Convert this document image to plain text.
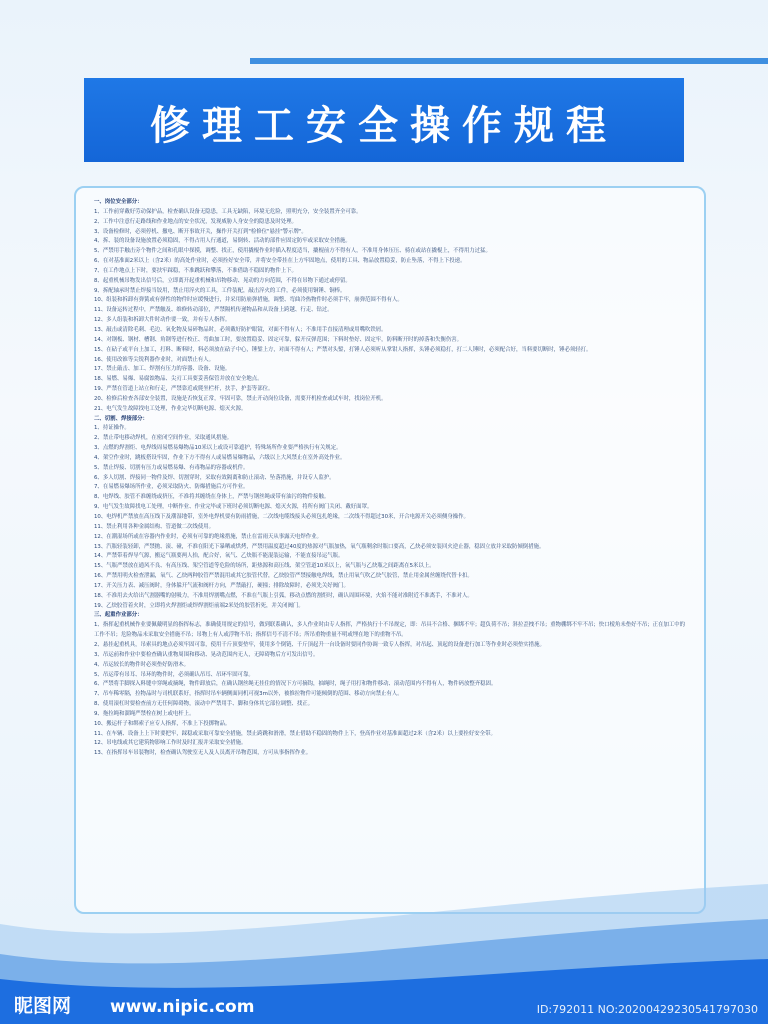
修理工安全操作规程
一、岗位安全部分：
1、工作前穿戴好劳动保护品，检查确认设备无隐患，工具无缺陷，环境无危险，照明充分，安全装置齐全可靠。
2、工作中注意行走路线和作业地点的安全状况，发现威胁人身安全的隐患及时处理。
3、设备检修时，必须停机、撤电、断开事故开关，操作开关打到"检修位"悬挂"警示牌"。
4、拆、装的设备设施放置必须稳固，不得占用人行通道，易倒转、活动的部件应固定防牢或采取安全措施。
5、严禁用手触击旁个物件之间和孔眼中探摸，调整、找正，使用撬棍作业时插入程度适当，撬棍前方不得有人，不准用身体压压、骑在或站在撬棍上，不得用力过猛。
6、在对基准面2米以上（含2米）的高处作业时，必须拴好安全带，并将安全带挂在上方牢固地点，使用的工具、物品放置稳妥，防止坠落，不得上下投递。
7、在工作地点上下时，要扶牢踩稳，不准跳跃和攀落，不准借助不稳固的物件上下。
8、起重机械吊物发出信号后，立即离开起重机械和吊物移动、晃动的方向范围，不得在吊物下通过或停留。
9、拆配轴承时禁止焊接当铰用，禁止用淬火的工具，工件装配，敲击淬火的工件，必须使用铜锤、铜棒。
10、组装和拆卸有弹簧或有弹性的物件时应缓慢进行，并采用防崩弹措施，调整、弯曲冷热物件时必须手牢，崩弹范围不得有人。
11、设备运转过程中，严禁触及、维修转动部位，严禁隔机传递物品和从设备上跨越、行走、钻过。
12、多人组装和拆卸大件时动作要一致，并有专人指挥。
13、敲击或清除毛刺、毛边、氧化物及易碎物品时，必须戴好防护眼镜，对面不得有人；不准用手直接清理或用嘴吹铁屑。
14、对钢板、钢材、槽钢、角钢等进行校正、弯曲加工时，要放置稳妥、固定可靠，躲开反弹范围；下料时垫好、固定牢，防料断开时的掉落和失衡伤害。
15、在砧子或平台上加工，打料、断料时，料必须放在砧子中心，锤錾上方，对面不得有人；严禁对头錾，打锤人必须听从掌钳人指挥，头锤必须稳打，打二人锤时，必须配合好，当料要切断时，锤必须轻打。
16、使用改锥等尖锐利器作业时，对面禁止有人。
17、禁止敲击、加工、焊割有压力的容器、设备、设施。
18、易燃、易爆、易腐蚀物品、尖刃工具要妥善保管并放在安全地点。
19、严禁在管道上站立和行走，严禁靠近或爬坐栏杆，扶手，护套等部位。
20、检修后检查各部安全装置，设施是否恢复正常，牢固可靠，禁止开动岗位设备，需要开机检查或试车时，找岗位开机。
21、电气发生故障找电工处理，作业完毕切断电源、熄灭火源。
二、切割、焊接部分：
1、持证操作。
2、禁止带电移动焊机，在密闭空间作业，采取通风措施。
3、点燃的焊割炬、电焊线周易燃易爆物品10米以上或设可靠遮护，特殊场所作业要严格执行有关规定。
4、架空作业时，跳板搭设牢固，作业下方不得有人或易燃易爆物品，六级以上大风禁止在室外高处作业。
5、禁止焊接、切割有压力或易燃易爆、有毒物品的容器或机件。
6、多人切割、焊接同一物件及焊、切割穿时，采取有效隔离和防止滚动、坠落措施，并设专人监护。
7、在易燃易爆场所作业，必须采取防火、防爆措施后方可作业。
8、电焊线、胶管不准缠绕或挤压，不准将其缠绕在身体上，严禁与钢丝绳或带有油污的物件接触。
9、电气发生故障找电工处理，中断作业、作业完毕或下班时必须切断电源、熄灭火源，将所有阀门关闭、戴好面罩。
10、电焊机严禁放在高压线下及潮湿地带，室外电焊机要有防雨措施，二次线电缆线接头必须包扎绝缘，二次线不得超过30米，开合电源开关必须侧身操作。
11、禁止利用各种金属结构、管道做二次线使用。
12、在潮湿场所或在容器内作业时，必须有可靠的绝缘措施，禁止在雷雨天从事露天电焊作业。
13、汽瓶轻装轻卸，严禁抛、滚、碰，不准在阳光下暴晒或烘烤，严禁用温度超过40度的热源对气瓶加热，氧气瓶剩余时瓶口要高，乙炔必须安装回火逆止器，稳固立放并采取防倾倒措施。
14、严禁带着焊导气源，搬运气瓶要两人抬，配合好，氧气、乙炔瓶不能混装运输，不能直接吊运气瓶。
15、气瓶严禁放在通风不良、有高压线、架空管道等危险的场所，距热源和高压线、架空管道10米以上，氧气瓶与乙炔瓶之间距离在5米以上。
16、严禁用明火检查泄漏，氧气、乙炔两种胶管严禁混用或其它胶管代替，乙炔胶管严禁接触电焊线，禁止用氧气吹乙炔气胶管，禁止用金属丝缠绕代替卡扣。
17、开关压力表、减压阀时，身体躲开气流和阀杆方向，严禁敲打，硬撞；排除故障时，必须先关好阀门。
18、不准用去火给出气割器嘴的射吸力，不准用焊割嘴点燃，不准在气瓶上引弧，移动点燃的割炬时，确认周围环境，火焰不能对准附近不准离手，不准对人。
19、乙炔胶管着火时，立即将火焊割炬或焊焊割炬前端2米处的胶管折死，并关闭阀门。
三、起重作业部分：
1、指挥起重机械作业要佩戴明显的指挥标志，准确使用规定的信号，做到联系确认，多人作业时由专人指挥，严格执行十不吊规定，即：吊具不合格、捆绑不牢；超负荷不吊；斜拉歪拽不吊；重物棚绑不牢不吊；快口棱角未垫好不吊；正在加工中的工作不吊；危险物品未采取安全措施不吊；吊物上有人或浮物不吊；指挥信号不清不吊；所吊重物重量不明或埋在地下的重物不吊。
2、悬挂起重机具，吊索具的地点必须牢固可靠，使用千斤顶要垫牢，使用多个倒链、千斤顶起升一台设备时要同作协调一致专人指挥，对吊起、顶起的设备进行加工等作业时必须垫实措施。
3、吊运前和作业中要检查确认重物周围和移动、晃动范围内无人，无障碍物后方可发出信号。
4、吊运较长的物件时必须垫好防滑木。
5、吊运带有吊耳、吊环的物件时，必须确认吊耳、吊环牢固可靠。
6、严禁将手脚探入料缝中穿绳或摘绳，物件卸放后，在确认钢丝绳无挂住的情况下方可摘钩，抽绳时，绳子用打和物件移动、滚动范围内不得有人，物件码放整齐稳固。
7、吊车稀零隔，拉物品时与司机联系好，指挥时吊车辆侧面同机可视3m以外，被推拉物件可能倾倒的范围、移动方向禁止有人。
8、使用滚杠时要检查前方无任何障碍物，滚动中严禁用手、脚和身体其它部位调整、找正。
9、拖拉绳和溜绳严禁栓在树上或电杆上。
10、搬运杆子和绑索子应专人指挥，不准上下投掷物品。
11、在车辆、设备上上下时要把牢，踩稳或采取可靠安全措施，禁止跨跳和滑滑，禁止借助不稳固的物件上下，登高作业对基准面超过2米（含2米）以上要拴好安全带。
12、吊电线或其它建筑物影响工作时及时汇报并采取安全措施。
13、在指挥吊车吊装物时，检查确认驾驶室无人及人员离开吊物范围，方可从事指挥作业。
昵图网 www.nipic.com	ID:792011 NO:20200429230541797030
